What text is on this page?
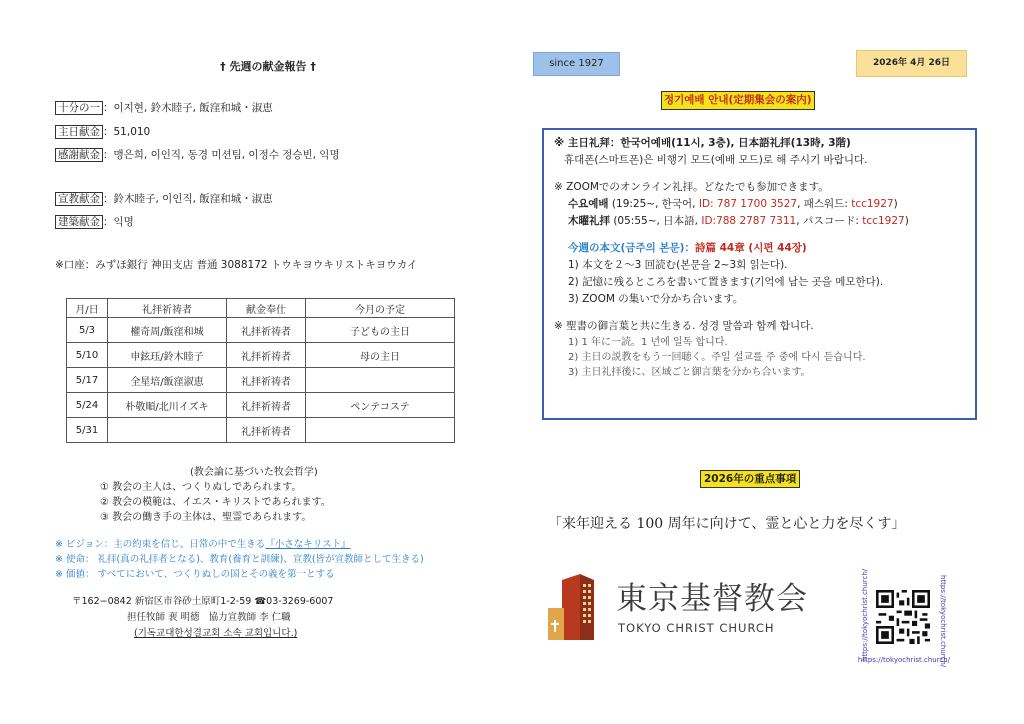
† 先週の献金報告 †
十分の一 ：이지현, 鈴木睦子, 飯窪和城・淑恵
主日献金 ：51,010
感謝献金 ：맹은희, 이인직, 동경 미션팀, 이정수 정승빈, 익명
宣教献金 ：鈴木睦子, 이인직, 飯窪和城・淑恵
建築献金 ：익명
※口座：みずほ銀行 神田支店 普通 3088172 トウキヨウキリストキヨウカイ
月/日	礼拝祈祷者	献金奉仕	今月の予定
5/3	權奇周/飯窪和城	礼拝祈祷者	子どもの主日
5/10	申鉉珏/鈴木睦子	礼拝祈祷者	母の主日
5/17	全星培/飯窪淑恵	礼拝祈祷者	
5/24	朴敬順/北川イズキ	礼拝祈祷者	ペンテコステ
5/31		礼拝祈祷者	
(教会論に基づいた牧会哲学)
① 教会の主人は、つくりぬしであられます。
② 教会の模範は、イエス・キリストであられます。
③ 教会の働き手の主体は、聖霊であられます。
※ ビジョン：主の約束を信じ、日常の中で生きる『小さなキリスト』
※ 使命： 礼拝(真の礼拝者となる)、教育(養育と訓練)、宣教(皆が宣教師として生きる)
※ 価値： すべてにおいて、つくりぬしの国とその義を第一とする
〒162−0842 新宿区市谷砂土原町1-2-59 ☎03-3269-6007
担任牧師 裵 明德   協力宣教師 李 仁職
(기독교대한성결교회 소속 교회입니다.)
since 1927	2026年 4月 26日
정기예배 안내(定期集会の案内)
※ 主日礼拜：한국어예배(11시, 3층), 日本語礼拝(13時, 3階)
휴대폰(스마트폰)은 비행기 모드(예배 모드)로 해 주시기 바랍니다.
※ ZOOMでのオンライン礼拝。どなたでも参加できます。
수요예배 (19:25~, 한국어, ID: 787 1700 3527, 패스워드: tcc1927)
木曜礼拝 (05:55~, 日本語, ID:788 2787 7311, パスコード: tcc1927)
今週の本文(금주의 본문)：詩篇 44章 (시편 44장)
1) 本文を２～3 回読む(본문을 2~3회 읽는다).
2) 記憶に残るところを書いて置きます(기억에 남는 곳을 메모한다).
3) ZOOM の集いで分かち合います。
※ 聖書の御言葉と共に生きる. 성경 말씀과 함께 합니다.
1) 1 年に一読。1 년에 일독 합니다.
2) 主日の説教をもう一回聴く。주일 설교를 주 중에 다시 듣습니다.
3) 主日礼拝後に、区域ごと御言葉を分かち合います。
2026年の重点事項
「来年迎える 100 周年に向けて、霊と心と力を尽くす」
東京基督教会
TOKYO CHRIST CHURCH	https://tokyochrist.church/	https://tokyochrist.church/
https://tokyochrist.church/
